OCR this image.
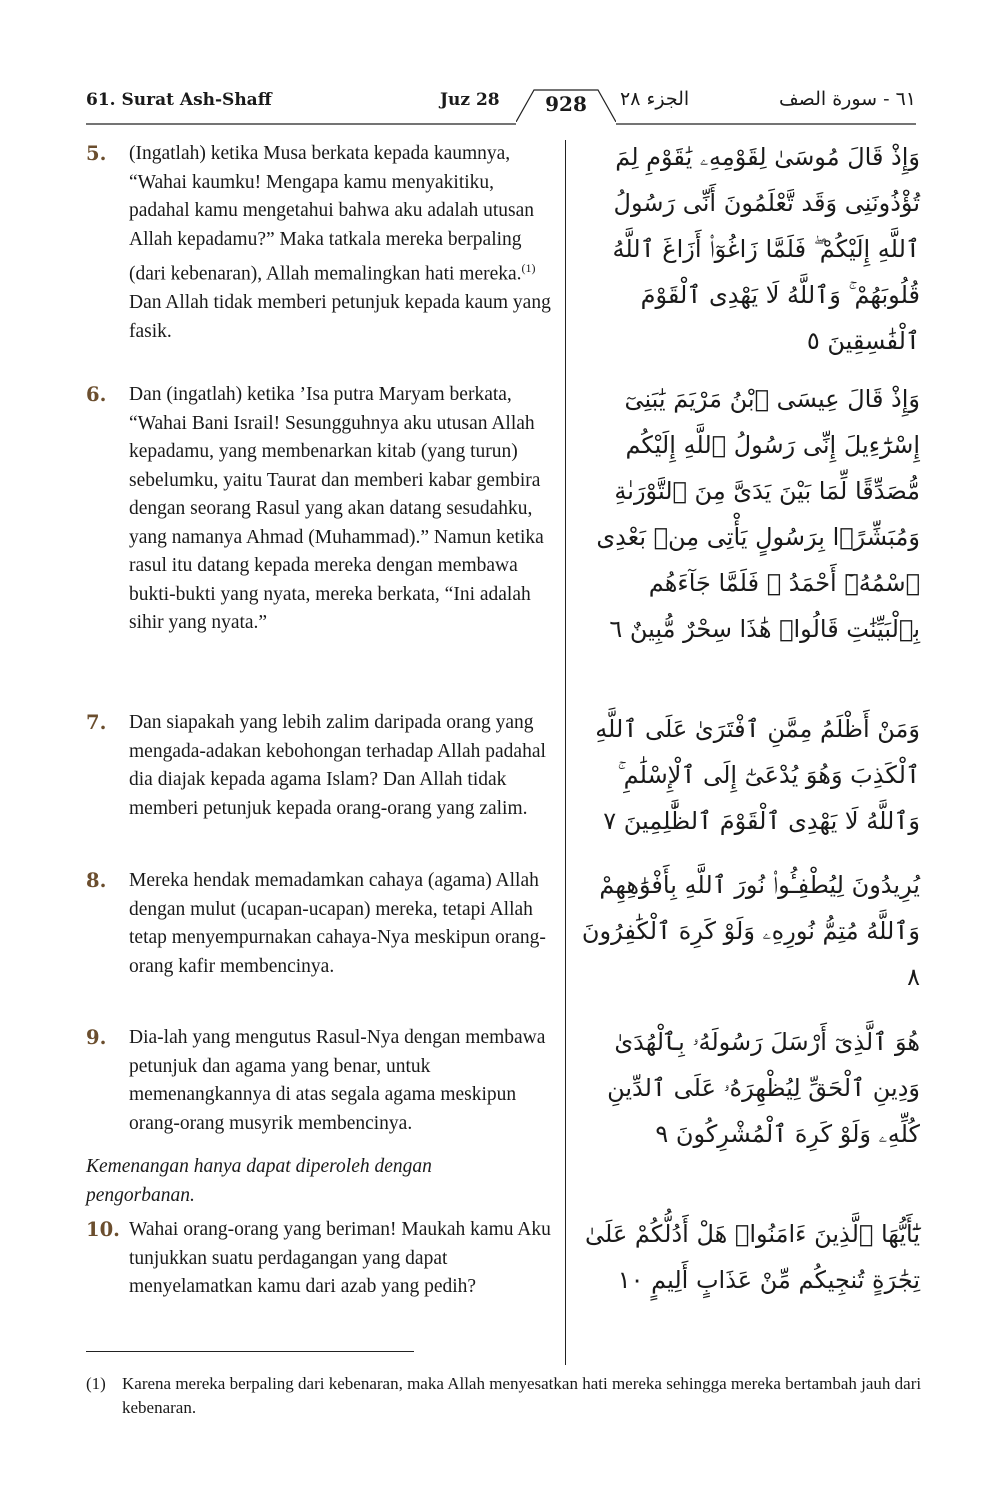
61. Surat Ash-Shaff	Juz 28	928	الجزء ٢٨	٦١ - سورة الصف
5. (Ingatlah) ketika Musa berkata kepada kaumnya, “Wahai kaumku! Mengapa kamu menyakitiku, padahal kamu mengetahui bahwa aku adalah utusan Allah kepadamu?” Maka tatkala mereka berpaling (dari kebenaran), Allah memalingkan hati mereka.$^{(1)}$ Dan Allah tidak memberi petunjuk kepada kaum yang fasik.
وَإِذْ قَالَ مُوسَىٰ لِقَوْمِهِۦ يَٰقَوْمِ لِمَ تُؤْذُونَنِى وَقَد تَّعْلَمُونَ أَنِّى رَسُولُ ٱللَّهِ إِلَيْكُمْ ۖ فَلَمَّا زَاغُوٓا۟ أَزَاغَ ٱللَّهُ قُلُوبَهُمْ ۚ وَٱللَّهُ لَا يَهْدِى ٱلْقَوْمَ ٱلْفَٰسِقِينَ ٥
6. Dan (ingatlah) ketika ’Isa putra Maryam berkata, “Wahai Bani Israil! Sesungguhnya aku utusan Allah kepadamu, yang membenarkan kitab (yang turun) sebelumku, yaitu Taurat dan memberi kabar gembira dengan seorang Rasul yang akan datang sesudahku, yang namanya Ahmad (Muhammad).” Namun ketika rasul itu datang kepada mereka dengan membawa bukti-bukti yang nyata, mereka berkata, “Ini adalah sihir yang nyata.”
وَإِذْ قَالَ عِيسَى ٱبْنُ مَرْيَمَ يَٰبَنِىٓ إِسْرَٰٓءِيلَ إِنِّى رَسُولُ ٱللَّهِ إِلَيْكُم مُّصَدِّقًا لِّمَا بَيْنَ يَدَىَّ مِنَ ٱلتَّوْرَىٰةِ وَمُبَشِّرًۢا بِرَسُولٍ يَأْتِى مِنۢ بَعْدِى ٱسْمُهُۥٓ أَحْمَدُ ۖ فَلَمَّا جَآءَهُم بِٱلْبَيِّنَٰتِ قَالُوا۟ هَٰذَا سِحْرٌ مُّبِينٌ ٦
7. Dan siapakah yang lebih zalim daripada orang yang mengada-adakan kebohongan terhadap Allah padahal dia diajak kepada agama Islam? Dan Allah tidak memberi petunjuk kepada orang-orang yang zalim.
وَمَنْ أَظْلَمُ مِمَّنِ ٱفْتَرَىٰ عَلَى ٱللَّهِ ٱلْكَذِبَ وَهُوَ يُدْعَىٰٓ إِلَى ٱلْإِسْلَٰمِ ۚ وَٱللَّهُ لَا يَهْدِى ٱلْقَوْمَ ٱلظَّٰلِمِينَ ٧
8. Mereka hendak memadamkan cahaya (agama) Allah dengan mulut (ucapan-ucapan) mereka, tetapi Allah tetap menyempurnakan cahaya-Nya meskipun orang-orang kafir membencinya.
يُرِيدُونَ لِيُطْفِـُٔوا۟ نُورَ ٱللَّهِ بِأَفْوَٰهِهِمْ وَٱللَّهُ مُتِمُّ نُورِهِۦ وَلَوْ كَرِهَ ٱلْكَٰفِرُونَ ٨
9. Dia-lah yang mengutus Rasul-Nya dengan membawa petunjuk dan agama yang benar, untuk memenangkannya di atas segala agama meskipun orang-orang musyrik membencinya.
هُوَ ٱلَّذِىٓ أَرْسَلَ رَسُولَهُۥ بِٱلْهُدَىٰ وَدِينِ ٱلْحَقِّ لِيُظْهِرَهُۥ عَلَى ٱلدِّينِ كُلِّهِۦ وَلَوْ كَرِهَ ٱلْمُشْرِكُونَ ٩
Kemenangan hanya dapat diperoleh dengan pengorbanan.
10. Wahai orang-orang yang beriman! Maukah kamu Aku tunjukkan suatu perdagangan yang dapat menyelamatkan kamu dari azab yang pedih?
يَٰٓأَيُّهَا ٱلَّذِينَ ءَامَنُوا۟ هَلْ أَدُلُّكُمْ عَلَىٰ تِجَٰرَةٍ تُنجِيكُم مِّنْ عَذَابٍ أَلِيمٍ ١٠
(1) Karena mereka berpaling dari kebenaran, maka Allah menyesatkan hati mereka sehingga mereka bertambah jauh dari kebenaran.
